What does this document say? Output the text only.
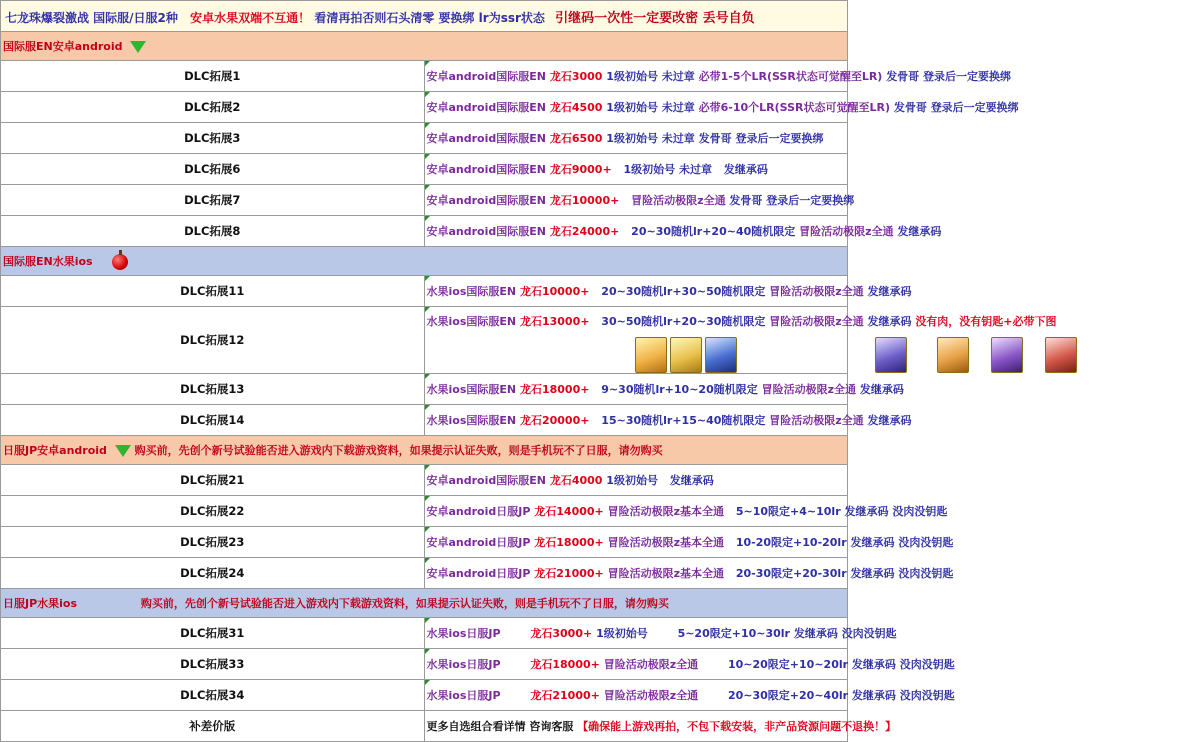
七龙珠爆裂激战 国际服/日服2种 安卓水果双端不互通！ 看清再拍否则石头清零 要换绑 lr为ssr状态 引继码一次性一定要改密 丢号自负	
国际服EN安卓android	
DLC拓展1	安卓android国际服EN 龙石3000 1级初始号 未过章 必带1-5个LR(SSR状态可觉醒至LR) 发骨哥 登录后一定要换绑
DLC拓展2	安卓android国际服EN 龙石4500 1级初始号 未过章 必带6-10个LR(SSR状态可觉醒至LR) 发骨哥 登录后一定要换绑
DLC拓展3	安卓android国际服EN 龙石6500 1级初始号 未过章 发骨哥 登录后一定要换绑
DLC拓展6	安卓android国际服EN 龙石9000+ 1级初始号 未过章 发继承码
DLC拓展7	安卓android国际服EN 龙石10000+ 冒险活动极限z全通 发骨哥 登录后一定要换绑
DLC拓展8	安卓android国际服EN 龙石24000+ 20~30随机lr+20~40随机限定 冒险活动极限z全通 发继承码
国际服EN水果ios	
DLC拓展11	水果ios国际服EN 龙石10000+ 20~30随机lr+30~50随机限定 冒险活动极限z全通 发继承码
DLC拓展12	水果ios国际服EN 龙石13000+ 30~50随机lr+20~30随机限定 冒险活动极限z全通 发继承码 没有肉，没有钥匙+必带下图

DLC拓展13	水果ios国际服EN 龙石18000+ 9~30随机lr+10~20随机限定 冒险活动极限z全通 发继承码
DLC拓展14	水果ios国际服EN 龙石20000+ 15~30随机lr+15~40随机限定 冒险活动极限z全通 发继承码
日服JP安卓android 购买前，先创个新号试验能否进入游戏内下载游戏资料，如果提示认证失败，则是手机玩不了日服，请勿购买	
DLC拓展21	安卓android国际服EN 龙石4000 1级初始号 发继承码
DLC拓展22	安卓android日服JP 龙石14000+ 冒险活动极限z基本全通 5~10限定+4~10lr 发继承码 没肉没钥匙
DLC拓展23	安卓android日服JP 龙石18000+ 冒险活动极限z基本全通 10-20限定+10-20lr 发继承码 没肉没钥匙
DLC拓展24	安卓android日服JP 龙石21000+ 冒险活动极限z基本全通 20-30限定+20-30lr 发继承码 没肉没钥匙
日服JP水果ios 购买前，先创个新号试验能否进入游戏内下载游戏资料，如果提示认证失败，则是手机玩不了日服，请勿购买	
DLC拓展31	水果ios日服JP 龙石3000+ 1级初始号 5~20限定+10~30lr 发继承码 没肉没钥匙
DLC拓展33	水果ios日服JP 龙石18000+ 冒险活动极限z全通 10~20限定+10~20lr 发继承码 没肉没钥匙
DLC拓展34	水果ios日服JP 龙石21000+ 冒险活动极限z全通 20~30限定+20~40lr 发继承码 没肉没钥匙
补差价版	更多自选组合看详情 咨询客服 【确保能上游戏再拍，不包下载安装，非产品资源问题不退换！】
